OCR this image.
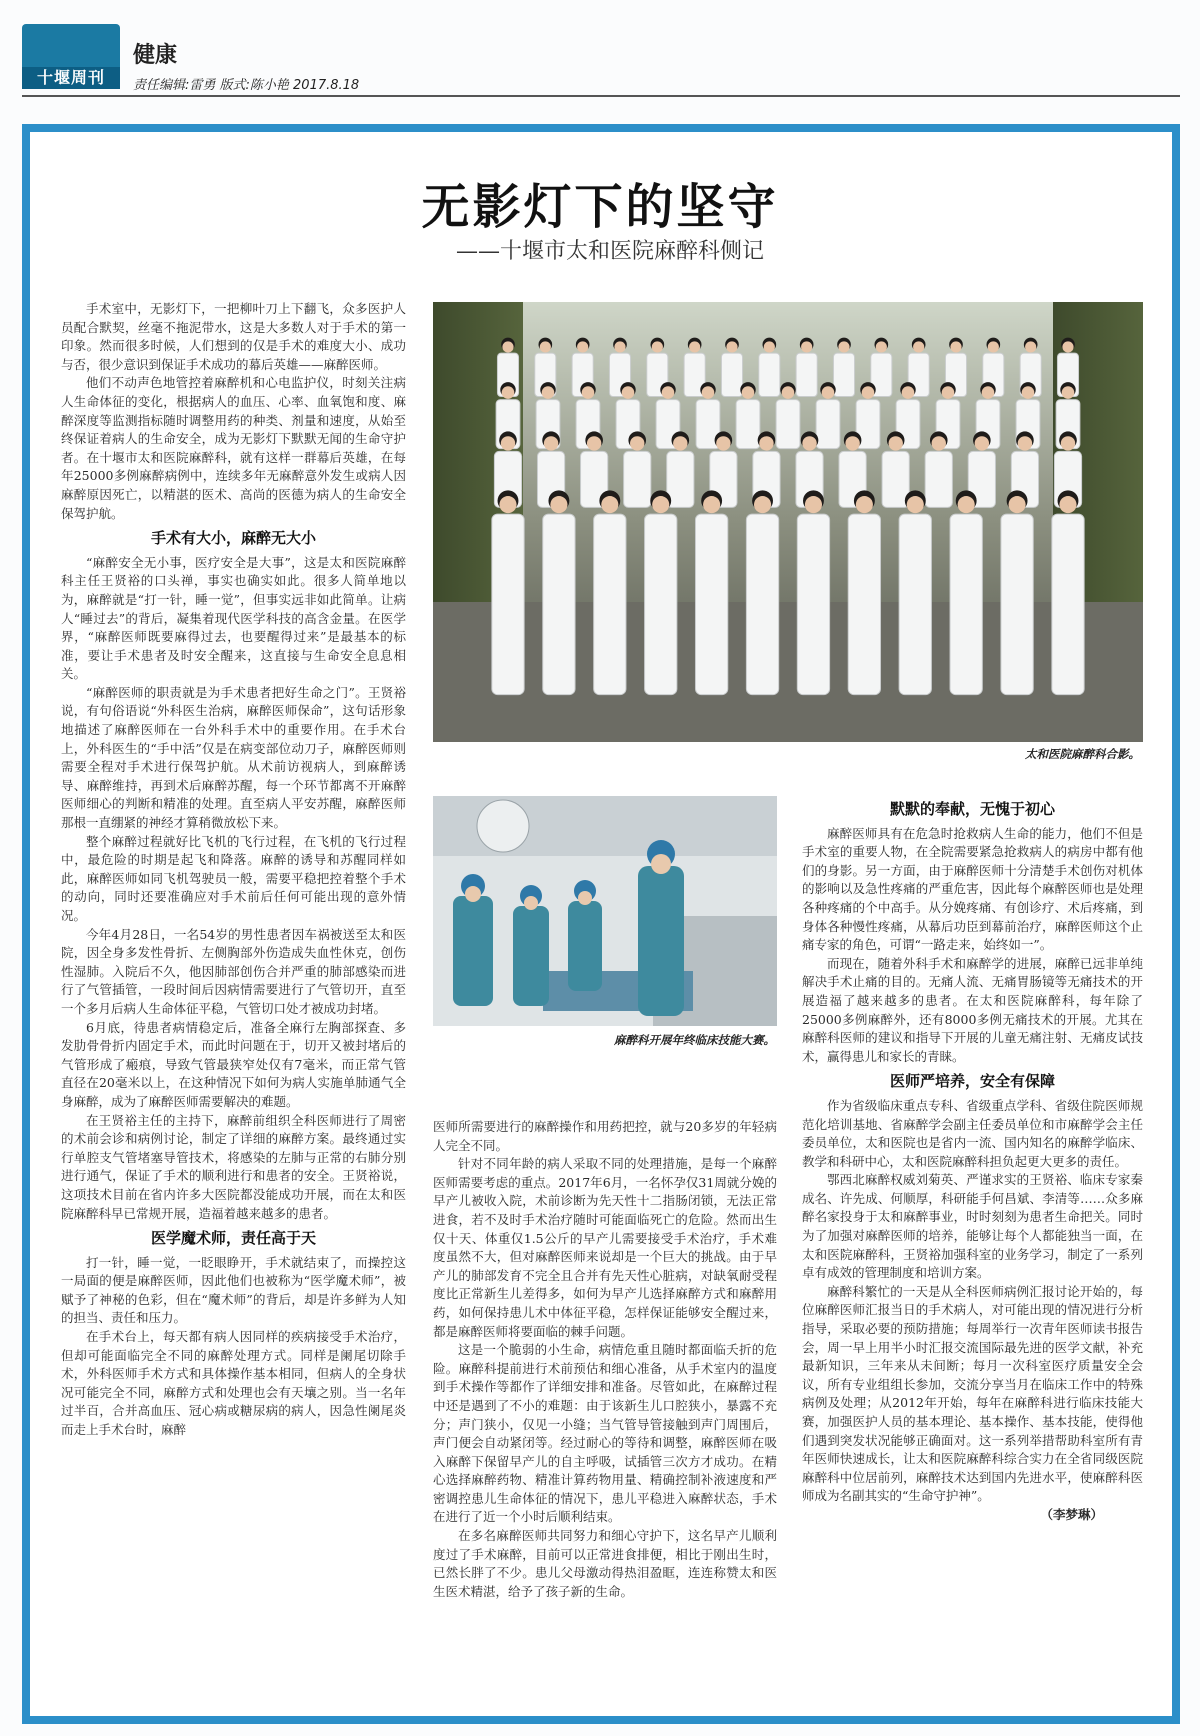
十堰周刊
健康
责任编辑:雷勇 版式:陈小艳 2017.8.18
无影灯下的坚守
——十堰市太和医院麻醉科侧记
太和医院麻醉科合影。
麻醉科开展年终临床技能大赛。

手术室中，无影灯下，一把柳叶刀上下翻飞，众多医护人员配合默契，丝毫不拖泥带水，这是大多数人对于手术的第一印象。然而很多时候，人们想到的仅是手术的难度大小、成功与否，很少意识到保证手术成功的幕后英雄——麻醉医师。

他们不动声色地管控着麻醉机和心电监护仪，时刻关注病人生命体征的变化，根据病人的血压、心率、血氧饱和度、麻醉深度等监测指标随时调整用药的种类、剂量和速度，从始至终保证着病人的生命安全，成为无影灯下默默无闻的生命守护者。在十堰市太和医院麻醉科，就有这样一群幕后英雄，在每年25000多例麻醉病例中，连续多年无麻醉意外发生或病人因麻醉原因死亡，以精湛的医术、高尚的医德为病人的生命安全保驾护航。

手术有大小，麻醉无大小

“麻醉安全无小事，医疗安全是大事”，这是太和医院麻醉科主任王贤裕的口头禅，事实也确实如此。很多人简单地以为，麻醉就是“打一针，睡一觉”，但事实远非如此简单。让病人“睡过去”的背后，凝集着现代医学科技的高含金量。在医学界，“麻醉医师既要麻得过去，也要醒得过来”是最基本的标准，要让手术患者及时安全醒来，这直接与生命安全息息相关。

“麻醉医师的职责就是为手术患者把好生命之门”。王贤裕说，有句俗语说“外科医生治病，麻醉医师保命”，这句话形象地描述了麻醉医师在一台外科手术中的重要作用。在手术台上，外科医生的“手中活”仅是在病变部位动刀子，麻醉医师则需要全程对手术进行保驾护航。从术前访视病人，到麻醉诱导、麻醉维持，再到术后麻醉苏醒，每一个环节都离不开麻醉医师细心的判断和精准的处理。直至病人平安苏醒，麻醉医师那根一直绷紧的神经才算稍微放松下来。

整个麻醉过程就好比飞机的飞行过程，在飞机的飞行过程中，最危险的时期是起飞和降落。麻醉的诱导和苏醒同样如此，麻醉医师如同飞机驾驶员一般，需要平稳把控着整个手术的动向，同时还要准确应对手术前后任何可能出现的意外情况。

今年4月28日，一名54岁的男性患者因车祸被送至太和医院，因全身多发性骨折、左侧胸部外伤造成失血性休克，创伤性湿肺。入院后不久，他因肺部创伤合并严重的肺部感染而进行了气管插管，一段时间后因病情需要进行了气管切开，直至一个多月后病人生命体征平稳，气管切口处才被成功封堵。

6月底，待患者病情稳定后，准备全麻行左胸部探查、多发肋骨骨折内固定手术，而此时问题在于，切开又被封堵后的气管形成了瘢痕，导致气管最狭窄处仅有7毫米，而正常气管直径在20毫米以上，在这种情况下如何为病人实施单肺通气全身麻醉，成为了麻醉医师需要解决的难题。

在王贤裕主任的主持下，麻醉前组织全科医师进行了周密的术前会诊和病例讨论，制定了详细的麻醉方案。最终通过实行单腔支气管堵塞导管技术，将感染的左肺与正常的右肺分别进行通气，保证了手术的顺利进行和患者的安全。王贤裕说，这项技术目前在省内许多大医院都没能成功开展，而在太和医院麻醉科早已常规开展，造福着越来越多的患者。

医学魔术师，责任高于天

打一针，睡一觉，一眨眼睁开，手术就结束了，而操控这一局面的便是麻醉医师，因此他们也被称为“医学魔术师”，被赋予了神秘的色彩，但在“魔术师”的背后，却是许多鲜为人知的担当、责任和压力。

在手术台上，每天都有病人因同样的疾病接受手术治疗，但却可能面临完全不同的麻醉处理方式。同样是阑尾切除手术，外科医师手术方式和具体操作基本相同，但病人的全身状况可能完全不同，麻醉方式和处理也会有天壤之别。当一名年过半百，合并高血压、冠心病或糖尿病的病人，因急性阑尾炎而走上手术台时，麻醉

医师所需要进行的麻醉操作和用药把控，就与20多岁的年轻病人完全不同。

针对不同年龄的病人采取不同的处理措施，是每一个麻醉医师需要考虑的重点。2017年6月，一名怀孕仅31周就分娩的早产儿被收入院，术前诊断为先天性十二指肠闭锁，无法正常进食，若不及时手术治疗随时可能面临死亡的危险。然而出生仅十天、体重仅1.5公斤的早产儿需要接受手术治疗，手术难度虽然不大，但对麻醉医师来说却是一个巨大的挑战。由于早产儿的肺部发育不完全且合并有先天性心脏病，对缺氧耐受程度比正常新生儿差得多，如何为早产儿选择麻醉方式和麻醉用药，如何保持患儿术中体征平稳，怎样保证能够安全醒过来，都是麻醉医师将要面临的棘手问题。

这是一个脆弱的小生命，病情危重且随时都面临夭折的危险。麻醉科提前进行术前预估和细心准备，从手术室内的温度到手术操作等都作了详细安排和准备。尽管如此，在麻醉过程中还是遇到了不小的难题：由于该新生儿口腔狭小，暴露不充分；声门狭小，仅见一小缝；当气管导管接触到声门周围后，声门便会自动紧闭等。经过耐心的等待和调整，麻醉医师在吸入麻醉下保留早产儿的自主呼吸，试插管三次方才成功。在精心选择麻醉药物、精准计算药物用量、精确控制补液速度和严密调控患儿生命体征的情况下，患儿平稳进入麻醉状态，手术在进行了近一个小时后顺利结束。

在多名麻醉医师共同努力和细心守护下，这名早产儿顺利度过了手术麻醉，目前可以正常进食排便，相比于刚出生时，已然长胖了不少。患儿父母激动得热泪盈眶，连连称赞太和医生医术精湛，给予了孩子新的生命。

默默的奉献，无愧于初心

麻醉医师具有在危急时抢救病人生命的能力，他们不但是手术室的重要人物，在全院需要紧急抢救病人的病房中都有他们的身影。另一方面，由于麻醉医师十分清楚手术创伤对机体的影响以及急性疼痛的严重危害，因此每个麻醉医师也是处理各种疼痛的个中高手。从分娩疼痛、有创诊疗、术后疼痛，到身体各种慢性疼痛，从幕后功臣到幕前治疗，麻醉医师这个止痛专家的角色，可谓“一路走来，始终如一”。

而现在，随着外科手术和麻醉学的进展，麻醉已远非单纯解决手术止痛的目的。无痛人流、无痛胃肠镜等无痛技术的开展造福了越来越多的患者。在太和医院麻醉科，每年除了25000多例麻醉外，还有8000多例无痛技术的开展。尤其在麻醉科医师的建议和指导下开展的儿童无痛注射、无痛皮试技术，赢得患儿和家长的青睐。

医师严培养，安全有保障

作为省级临床重点专科、省级重点学科、省级住院医师规范化培训基地、省麻醉学会副主任委员单位和市麻醉学会主任委员单位，太和医院也是省内一流、国内知名的麻醉学临床、教学和科研中心，太和医院麻醉科担负起更大更多的责任。

鄂西北麻醉权威刘菊英、严谨求实的王贤裕、临床专家秦成名、许先成、何顺厚，科研能手何昌斌、李清等……众多麻醉名家投身于太和麻醉事业，时时刻刻为患者生命把关。同时为了加强对麻醉医师的培养，能够让每个人都能独当一面，在太和医院麻醉科，王贤裕加强科室的业务学习，制定了一系列卓有成效的管理制度和培训方案。

麻醉科繁忙的一天是从全科医师病例汇报讨论开始的，每位麻醉医师汇报当日的手术病人，对可能出现的情况进行分析指导，采取必要的预防措施；每周举行一次青年医师读书报告会，周一早上用半小时汇报交流国际最先进的医学文献，补充最新知识，三年来从未间断；每月一次科室医疗质量安全会议，所有专业组组长参加，交流分享当月在临床工作中的特殊病例及处理；从2012年开始，每年在麻醉科进行临床技能大赛，加强医护人员的基本理论、基本操作、基本技能，使得他们遇到突发状况能够正确面对。这一系列举措帮助科室所有青年医师快速成长，让太和医院麻醉科综合实力在全省同级医院麻醉科中位居前列，麻醉技术达到国内先进水平，使麻醉科医师成为名副其实的“生命守护神”。

（李梦琳）
